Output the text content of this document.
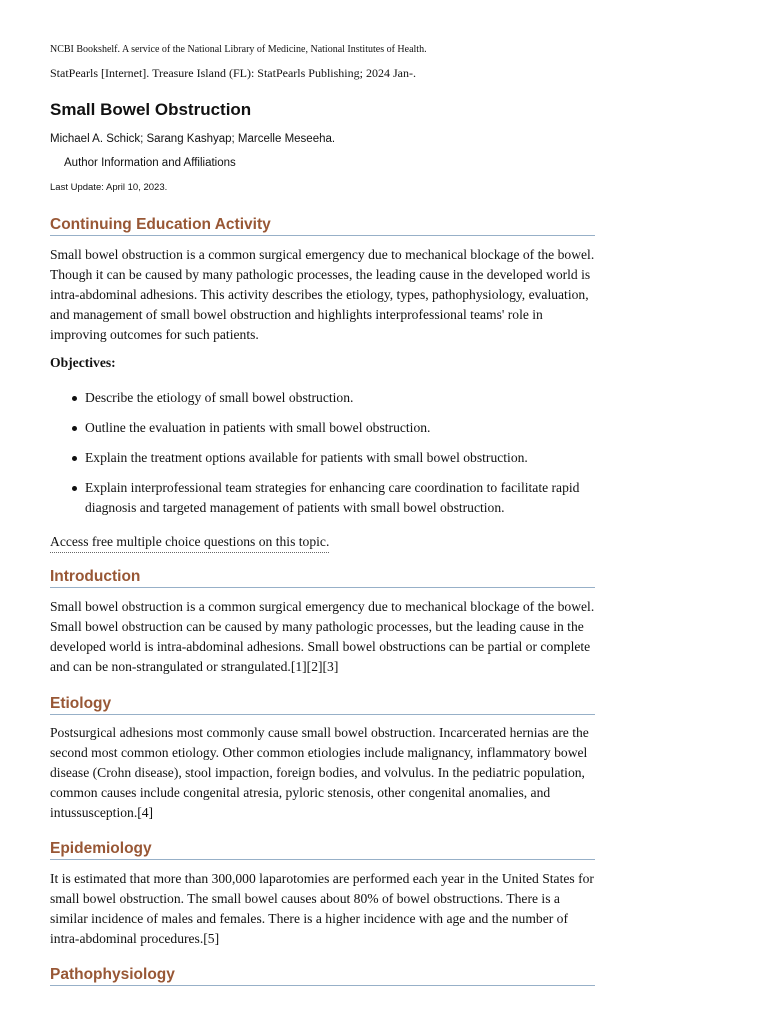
NCBI Bookshelf. A service of the National Library of Medicine, National Institutes of Health.
StatPearls [Internet]. Treasure Island (FL): StatPearls Publishing; 2024 Jan-.
Small Bowel Obstruction
Michael A. Schick; Sarang Kashyap; Marcelle Meseeha.
Author Information and Affiliations
Last Update: April 10, 2023.
Continuing Education Activity

Small bowel obstruction is a common surgical emergency due to mechanical blockage of the bowel. Though it can be caused by many pathologic processes, the leading cause in the developed world is intra-abdominal adhesions. This activity describes the etiology, types, pathophysiology, evaluation, and management of small bowel obstruction and highlights interprofessional teams' role in improving outcomes for such patients.

Objectives:
Describe the etiology of small bowel obstruction.
Outline the evaluation in patients with small bowel obstruction.
Explain the treatment options available for patients with small bowel obstruction.
Explain interprofessional team strategies for enhancing care coordination to facilitate rapid diagnosis and targeted management of patients with small bowel obstruction.
Access free multiple choice questions on this topic.
Introduction

Small bowel obstruction is a common surgical emergency due to mechanical blockage of the bowel. Small bowel obstruction can be caused by many pathologic processes, but the leading cause in the developed world is intra-abdominal adhesions. Small bowel obstructions can be partial or complete and can be non-strangulated or strangulated.[1][2][3]

Etiology

Postsurgical adhesions most commonly cause small bowel obstruction. Incarcerated hernias are the second most common etiology. Other common etiologies include malignancy, inflammatory bowel disease (Crohn disease), stool impaction, foreign bodies, and volvulus. In the pediatric population, common causes include congenital atresia, pyloric stenosis, other congenital anomalies, and intussusception.[4]

Epidemiology

It is estimated that more than 300,000 laparotomies are performed each year in the United States for small bowel obstruction. The small bowel causes about 80% of bowel obstructions. There is a similar incidence of males and females. There is a higher incidence with age and the number of intra-abdominal procedures.[5]

Pathophysiology
